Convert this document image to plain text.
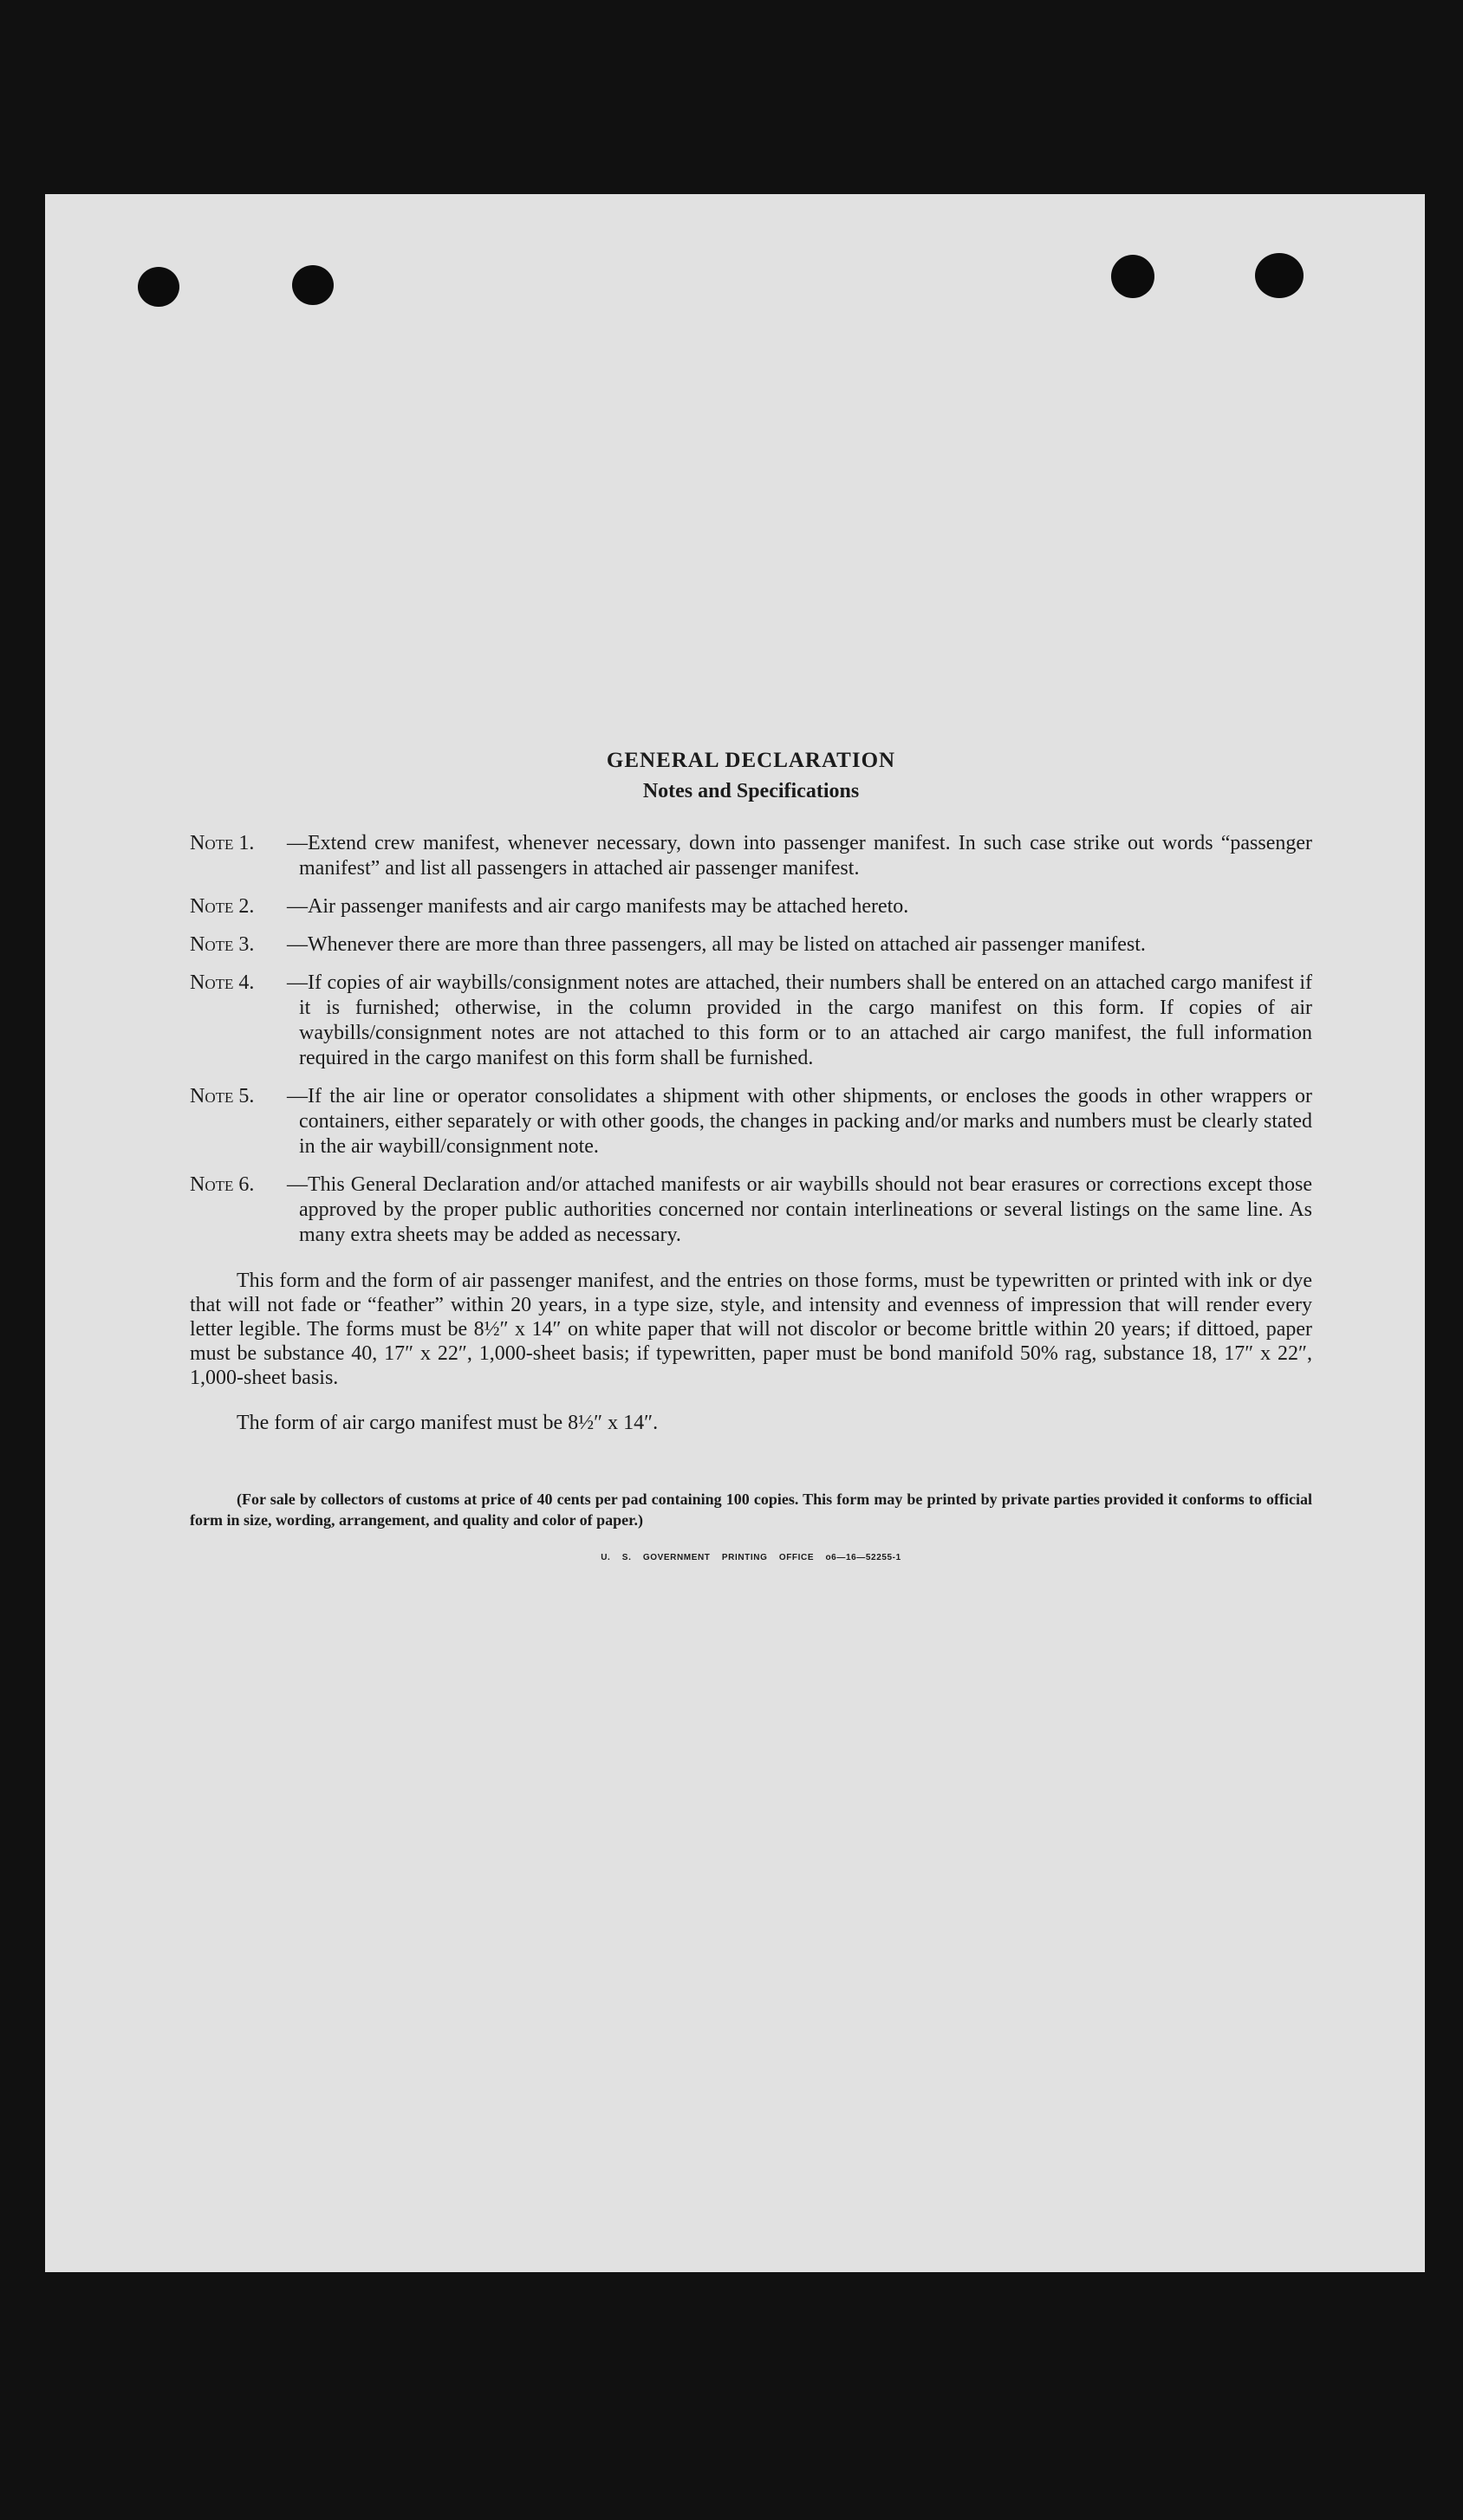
GENERAL DECLARATION
Notes and Specifications
Note 1. —Extend crew manifest, whenever necessary, down into passenger manifest. In such case strike out words “passenger manifest” and list all passengers in attached air passenger manifest.
Note 2. —Air passenger manifests and air cargo manifests may be attached hereto.
Note 3. —Whenever there are more than three passengers, all may be listed on attached air passenger manifest.
Note 4. —If copies of air waybills/consignment notes are attached, their numbers shall be entered on an attached cargo manifest if it is furnished; otherwise, in the column provided in the cargo manifest on this form. If copies of air waybills/consignment notes are not attached to this form or to an attached air cargo manifest, the full information required in the cargo manifest on this form shall be furnished.
Note 5. —If the air line or operator consolidates a shipment with other shipments, or encloses the goods in other wrappers or containers, either separately or with other goods, the changes in packing and/or marks and numbers must be clearly stated in the air waybill/consignment note.
Note 6. —This General Declaration and/or attached manifests or air waybills should not bear erasures or corrections except those approved by the proper public authorities concerned nor contain interlineations or several listings on the same line. As many extra sheets may be added as necessary.

This form and the form of air passenger manifest, and the entries on those forms, must be typewritten or printed with ink or dye that will not fade or “feather” within 20 years, in a type size, style, and intensity and evenness of impression that will render every letter legible. The forms must be 8½″ x 14″ on white paper that will not discolor or become brittle within 20 years; if dittoed, paper must be substance 40, 17″ x 22″, 1,000-sheet basis; if typewritten, paper must be bond manifold 50% rag, substance 18, 17″ x 22″, 1,000-sheet basis.

The form of air cargo manifest must be 8½″ x 14″.

(For sale by collectors of customs at price of 40 cents per pad containing 100 copies. This form may be printed by private parties provided it conforms to official form in size, wording, arrangement, and quality and color of paper.)
U. S. GOVERNMENT PRINTING OFFICE o6—16—52255-1
